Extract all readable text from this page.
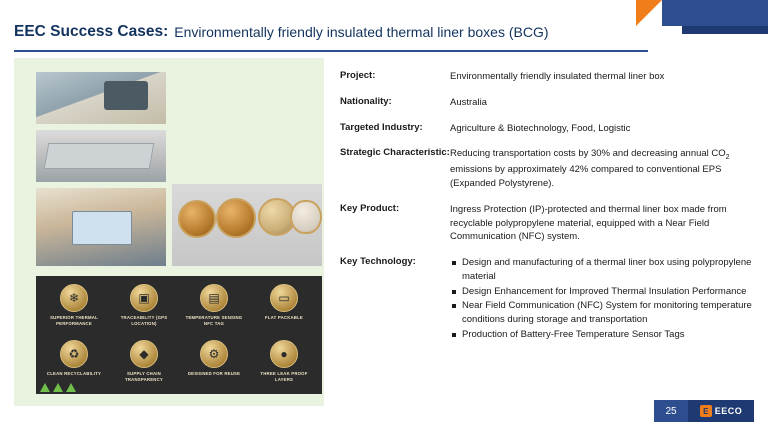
EEC Success Cases: Environmentally friendly insulated thermal liner boxes (BCG)
❄
SUPERIOR THERMAL PERFORMANCE
▣
TRACEABILITY (GPS LOCATION)
▤
TEMPERATURE SENSING NFC TAG
▭
FLAT PACKABLE
♻
CLEAN RECYCLABILITY
◆
SUPPLY CHAIN TRANSPARENCY
⚙
DESIGNED FOR REUSE
●
THREE LEAK PROOF LAYERS
Project:	Environmentally friendly insulated thermal liner box
Nationality:	Australia
Targeted Industry:	Agriculture & Biotechnology, Food, Logistic
Strategic Characteristic: Reducing transportation costs by 30% and decreasing annual $CO_2$ emissions by approximately 42% compared to conventional EPS (Expanded Polystyrene).
Key Product:	Ingress Protection (IP)-protected and thermal liner box made from recyclable polypropylene material, equipped with a Near Field Communication (NFC) system.
Key Technology:	Design and manufacturing of a thermal liner box using polypropylene material
Design Enhancement for Improved Thermal Insulation Performance
Near Field Communication (NFC) System for monitoring temperature conditions during storage and transportation
Production of Battery-Free Temperature Sensor Tags
25	E EECO
